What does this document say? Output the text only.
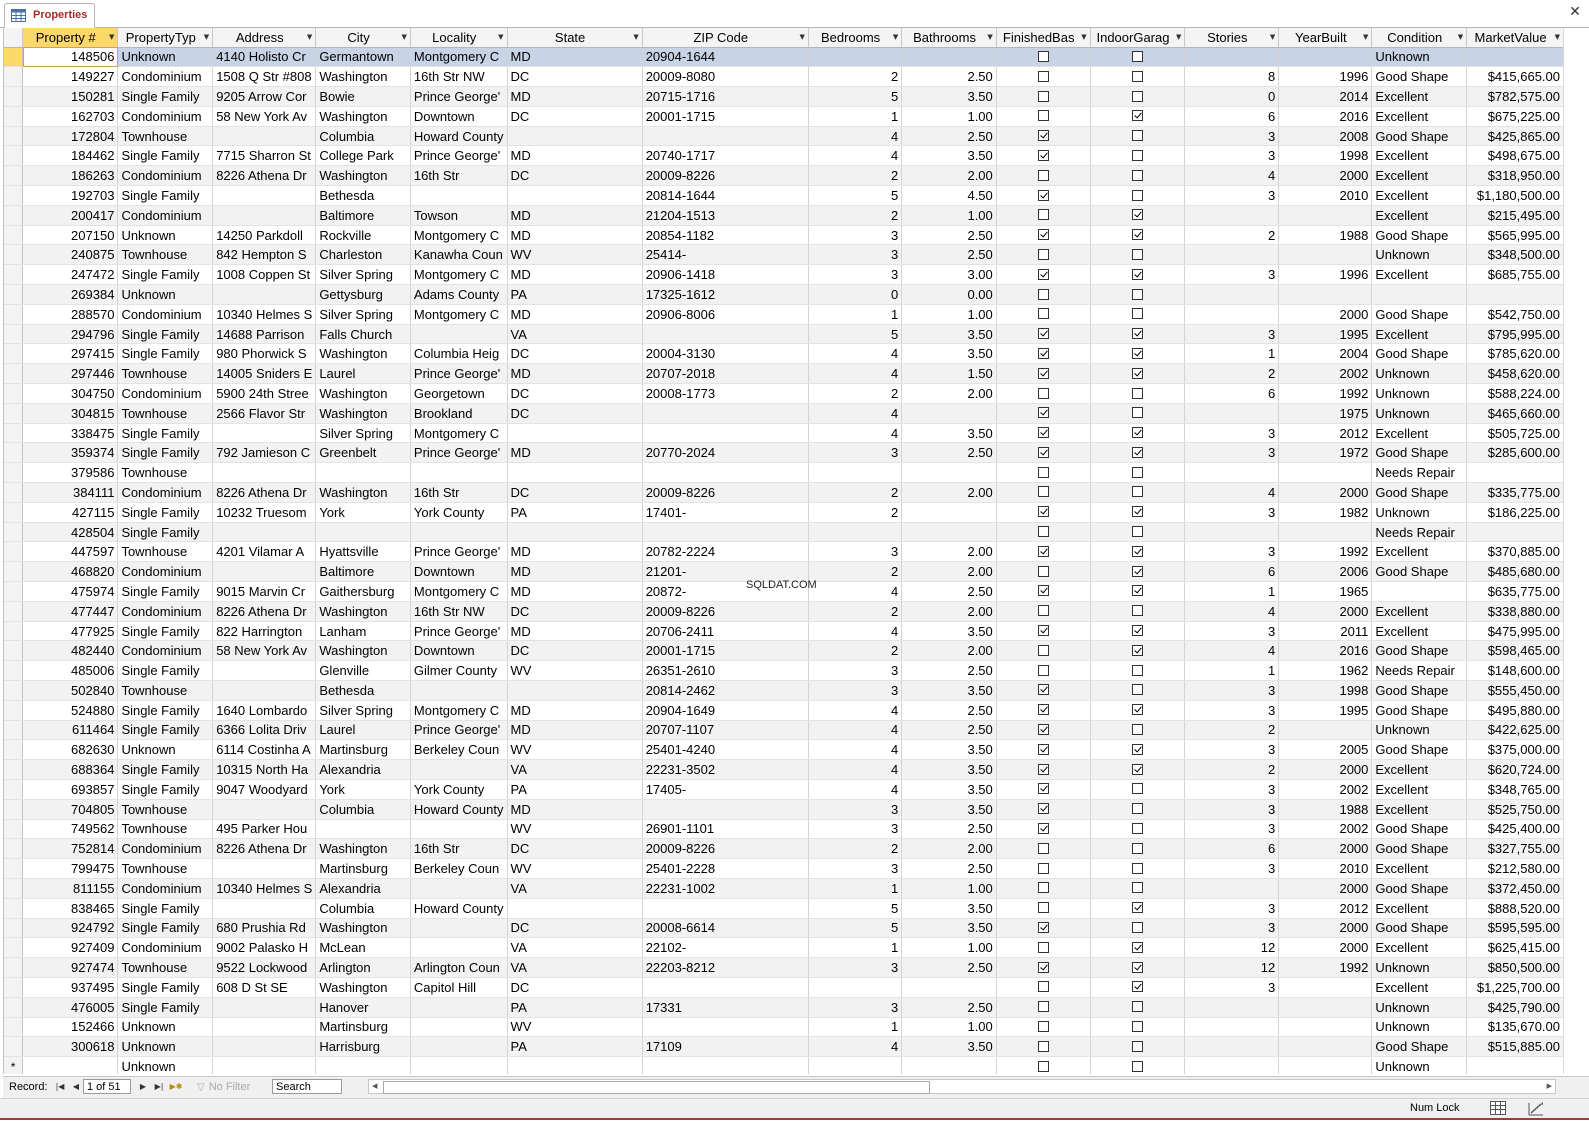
Properties	✕
	Property # ▼	PropertyTyp ▼	Address ▼	City ▼	Locality ▼	State ▼	ZIP Code ▼	Bedrooms ▼	Bathrooms ▼	FinishedBas ▼	IndoorGarag ▼	Stories ▼	YearBuilt ▼	Condition ▼	MarketValue ▼

	148506	Unknown	4140 Holisto Cr	Germantown	Montgomery C	MD	20904-1644							Unknown	
	149227	Condominium	1508 Q Str #808	Washington	16th Str NW	DC	20009-8080	2	2.50			8	1996	Good Shape	$415,665.00
	150281	Single Family	9205 Arrow Cor	Bowie	Prince George'	MD	20715-1716	5	3.50			0	2014	Excellent	$782,575.00
	162703	Condominium	58 New York Av	Washington	Downtown	DC	20001-1715	1	1.00			6	2016	Excellent	$675,225.00
	172804	Townhouse		Columbia	Howard County			4	2.50			3	2008	Good Shape	$425,865.00
	184462	Single Family	7715 Sharron St	College Park	Prince George'	MD	20740-1717	4	3.50			3	1998	Excellent	$498,675.00
	186263	Condominium	8226 Athena Dr	Washington	16th Str	DC	20009-8226	2	2.00			4	2000	Excellent	$318,950.00
	192703	Single Family		Bethesda			20814-1644	5	4.50			3	2010	Excellent	$1,180,500.00
	200417	Condominium		Baltimore	Towson	MD	21204-1513	2	1.00					Excellent	$215,495.00
	207150	Unknown	14250 Parkdoll	Rockville	Montgomery C	MD	20854-1182	3	2.50			2	1988	Good Shape	$565,995.00
	240875	Townhouse	842 Hempton S	Charleston	Kanawha Coun	WV	25414-	3	2.50					Unknown	$348,500.00
	247472	Single Family	1008 Coppen St	Silver Spring	Montgomery C	MD	20906-1418	3	3.00			3	1996	Excellent	$685,755.00
	269384	Unknown		Gettysburg	Adams County	PA	17325-1612	0	0.00						
	288570	Condominium	10340 Helmes S	Silver Spring	Montgomery C	MD	20906-8006	1	1.00				2000	Good Shape	$542,750.00
	294796	Single Family	14688 Parrison	Falls Church		VA		5	3.50			3	1995	Excellent	$795,995.00
	297415	Single Family	980 Phorwick S	Washington	Columbia Heig	DC	20004-3130	4	3.50			1	2004	Good Shape	$785,620.00
	297446	Townhouse	14005 Sniders E	Laurel	Prince George'	MD	20707-2018	4	1.50			2	2002	Unknown	$458,620.00
	304750	Condominium	5900 24th Stree	Washington	Georgetown	DC	20008-1773	2	2.00			6	1992	Unknown	$588,224.00
	304815	Townhouse	2566 Flavor Str	Washington	Brookland	DC		4					1975	Unknown	$465,660.00
	338475	Single Family		Silver Spring	Montgomery C			4	3.50			3	2012	Excellent	$505,725.00
	359374	Single Family	792 Jamieson C	Greenbelt	Prince George'	MD	20770-2024	3	2.50			3	1972	Good Shape	$285,600.00
	379586	Townhouse												Needs Repair	
	384111	Condominium	8226 Athena Dr	Washington	16th Str	DC	20009-8226	2	2.00			4	2000	Good Shape	$335,775.00
	427115	Single Family	10232 Truesom	York	York County	PA	17401-	2				3	1982	Unknown	$186,225.00
	428504	Single Family												Needs Repair	
	447597	Townhouse	4201 Vilamar A	Hyattsville	Prince George'	MD	20782-2224	3	2.00			3	1992	Excellent	$370,885.00
	468820	Condominium		Baltimore	Downtown	MD	21201-	2	2.00			6	2006	Good Shape	$485,680.00
	475974	Single Family	9015 Marvin Cr	Gaithersburg	Montgomery C	MD	20872-	4	2.50			1	1965		$635,775.00
	477447	Condominium	8226 Athena Dr	Washington	16th Str NW	DC	20009-8226	2	2.00			4	2000	Excellent	$338,880.00
	477925	Single Family	822 Harrington	Lanham	Prince George'	MD	20706-2411	4	3.50			3	2011	Excellent	$475,995.00
	482440	Condominium	58 New York Av	Washington	Downtown	DC	20001-1715	2	2.00			4	2016	Good Shape	$598,465.00
	485006	Single Family		Glenville	Gilmer County	WV	26351-2610	3	2.50			1	1962	Needs Repair	$148,600.00
	502840	Townhouse		Bethesda			20814-2462	3	3.50			3	1998	Good Shape	$555,450.00
	524880	Single Family	1640 Lombardo	Silver Spring	Montgomery C	MD	20904-1649	4	2.50			3	1995	Good Shape	$495,880.00
	611464	Single Family	6366 Lolita Driv	Laurel	Prince George'	MD	20707-1107	4	2.50			2		Unknown	$422,625.00
	682630	Unknown	6114 Costinha A	Martinsburg	Berkeley Coun	WV	25401-4240	4	3.50			3	2005	Good Shape	$375,000.00
	688364	Single Family	10315 North Ha	Alexandria		VA	22231-3502	4	3.50			2	2000	Excellent	$620,724.00
	693857	Single Family	9047 Woodyard	York	York County	PA	17405-	4	3.50			3	2002	Excellent	$348,765.00
	704805	Townhouse		Columbia	Howard County	MD		3	3.50			3	1988	Excellent	$525,750.00
	749562	Townhouse	495 Parker Hou			WV	26901-1101	3	2.50			3	2002	Good Shape	$425,400.00
	752814	Condominium	8226 Athena Dr	Washington	16th Str	DC	20009-8226	2	2.00			6	2000	Good Shape	$327,755.00
	799475	Townhouse		Martinsburg	Berkeley Coun	WV	25401-2228	3	2.50			3	2010	Excellent	$212,580.00
	811155	Condominium	10340 Helmes S	Alexandria		VA	22231-1002	1	1.00				2000	Good Shape	$372,450.00
	838465	Single Family		Columbia	Howard County			5	3.50			3	2012	Excellent	$888,520.00
	924792	Single Family	680 Prushia Rd	Washington		DC	20008-6614	5	3.50			3	2000	Good Shape	$595,595.00
	927409	Condominium	9002 Palasko H	McLean		VA	22102-	1	1.00			12	2000	Excellent	$625,415.00
	927474	Townhouse	9522 Lockwood	Arlington	Arlington Coun	VA	22203-8212	3	2.50			12	1992	Unknown	$850,500.00
	937495	Single Family	608 D St SE	Washington	Capitol Hill	DC						3		Excellent	$1,225,700.00
	476005	Single Family		Hanover		PA	17331	3	2.50					Unknown	$425,790.00
	152466	Unknown		Martinsburg		WV		1	1.00					Unknown	$135,670.00
	300618	Unknown		Harrisburg		PA	17109	4	3.50					Good Shape	$515,885.00
*		Unknown												Unknown	
SQLDAT.COM
Record:	|◀	◀ 1 of 51	▶	▶| ▶✱ ▽ No Filter	Search	◀	▶
Num Lock
